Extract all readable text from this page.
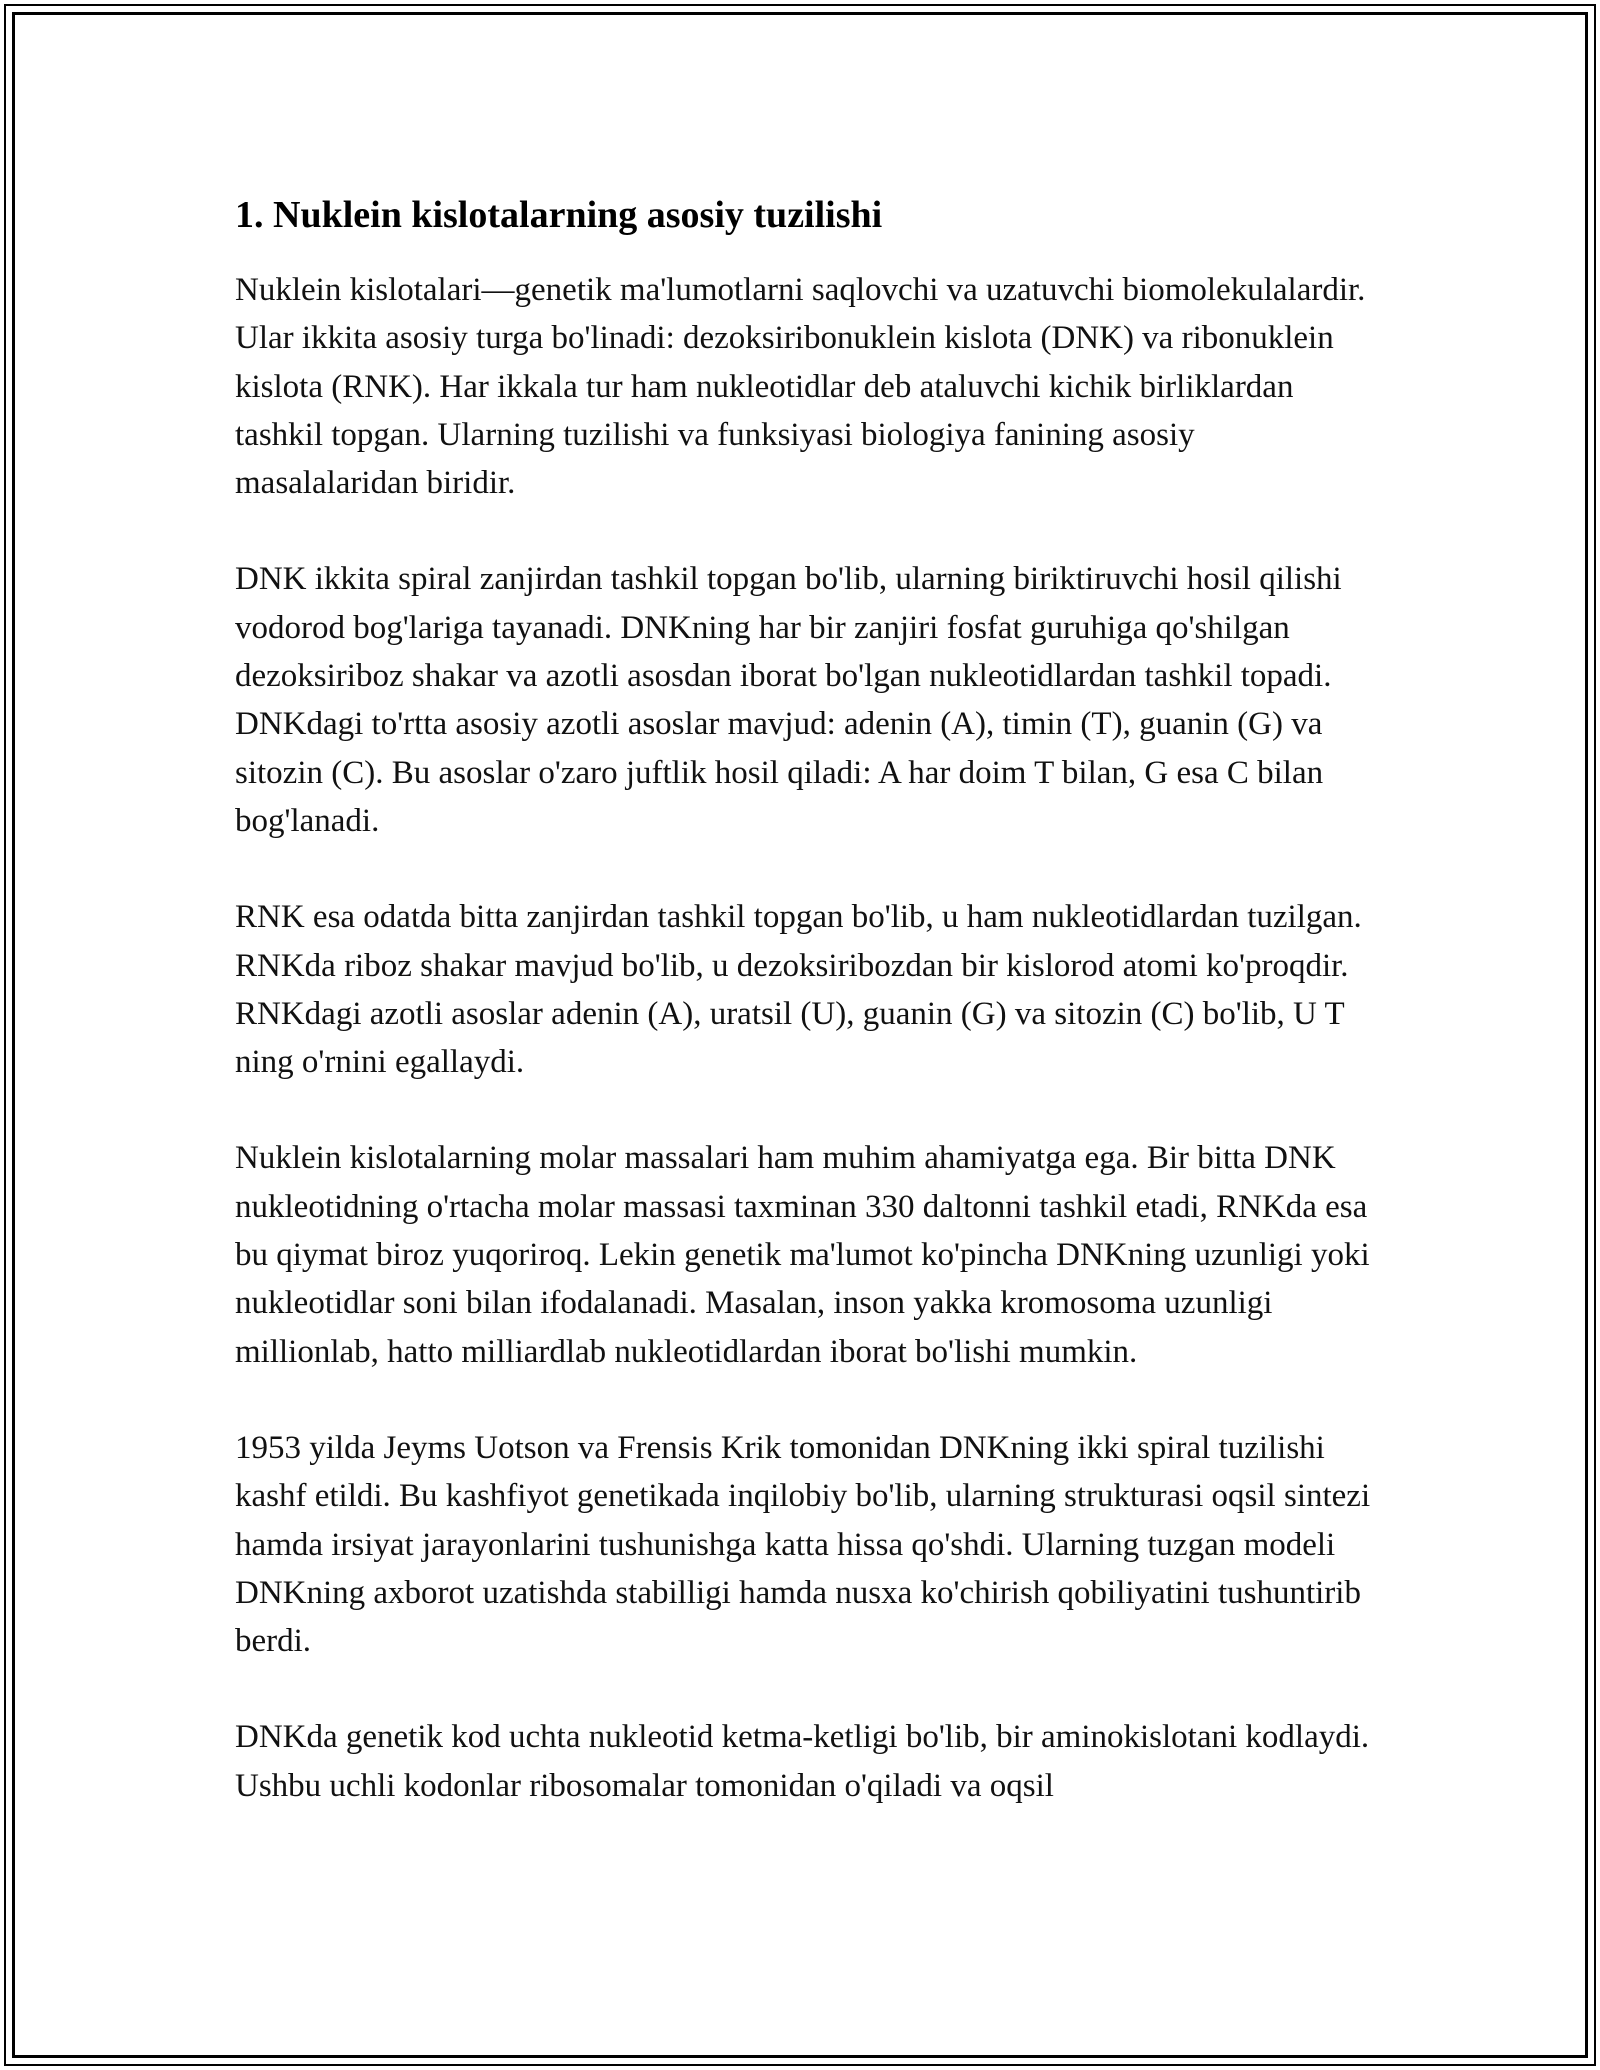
1. Nuklein kislotalarning asosiy tuzilishi

Nuklein kislotalari—genetik ma'lumotlarni saqlovchi va uzatuvchi biomolekulalardir. Ular ikkita asosiy turga bo'linadi: dezoksiribonuklein kislota (DNK) va ribonuklein kislota (RNK). Har ikkala tur ham nukleotidlar deb ataluvchi kichik birliklardan tashkil topgan. Ularning tuzilishi va funksiyasi biologiya fanining asosiy masalalaridan biridir.

DNK ikkita spiral zanjirdan tashkil topgan bo'lib, ularning biriktiruvchi hosil qilishi vodorod bog'lariga tayanadi. DNKning har bir zanjiri fosfat guruhiga qo'shilgan dezoksiriboz shakar va azotli asosdan iborat bo'lgan nukleotidlardan tashkil topadi. DNKdagi to'rtta asosiy azotli asoslar mavjud: adenin (A), timin (T), guanin (G) va sitozin (C). Bu asoslar o'zaro juftlik hosil qiladi: A har doim T bilan, G esa C bilan bog'lanadi.

RNK esa odatda bitta zanjirdan tashkil topgan bo'lib, u ham nukleotidlardan tuzilgan. RNKda riboz shakar mavjud bo'lib, u dezoksiribozdan bir kislorod atomi ko'proqdir. RNKdagi azotli asoslar adenin (A), uratsil (U), guanin (G) va sitozin (C) bo'lib, U T ning o'rnini egallaydi.

Nuklein kislotalarning molar massalari ham muhim ahamiyatga ega. Bir bitta DNK nukleotidning o'rtacha molar massasi taxminan 330 daltonni tashkil etadi, RNKda esa bu qiymat biroz yuqoriroq. Lekin genetik ma'lumot ko'pincha DNKning uzunligi yoki nukleotidlar soni bilan ifodalanadi. Masalan, inson yakka kromosoma uzunligi millionlab, hatto milliardlab nukleotidlardan iborat bo'lishi mumkin.

1953 yilda Jeyms Uotson va Frensis Krik tomonidan DNKning ikki spiral tuzilishi kashf etildi. Bu kashfiyot genetikada inqilobiy bo'lib, ularning strukturasi oqsil sintezi hamda irsiyat jarayonlarini tushunishga katta hissa qo'shdi. Ularning tuzgan modeli DNKning axborot uzatishda stabilligi hamda nusxa ko'chirish qobiliyatini tushuntirib berdi.

DNKda genetik kod uchta nukleotid ketma-ketligi bo'lib, bir aminokislotani kodlaydi. Ushbu uchli kodonlar ribosomalar tomonidan o'qiladi va oqsil
